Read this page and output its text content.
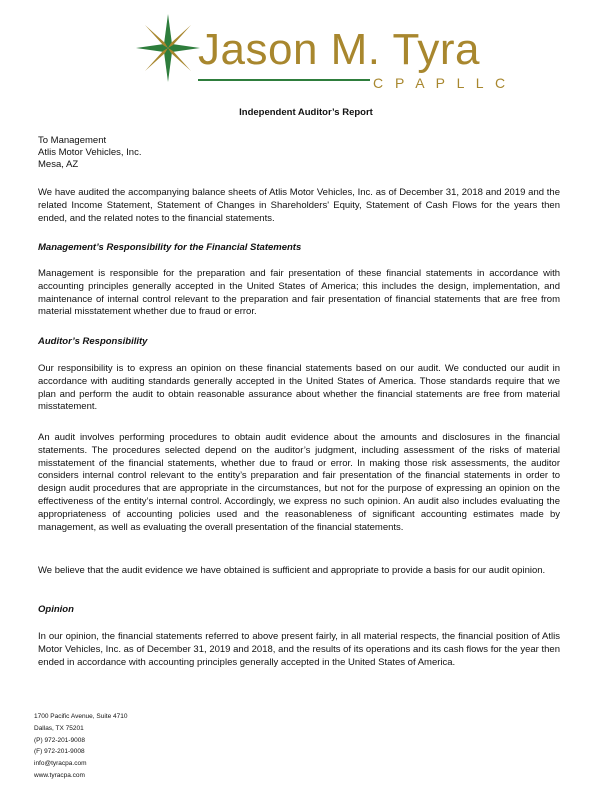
Jason M. Tyra
C P A P L L C
Independent Auditor’s Report
To Management
Atlis Motor Vehicles, Inc.
Mesa, AZ

We have audited the accompanying balance sheets of Atlis Motor Vehicles, Inc. as of December 31, 2018 and 2019 and the related Income Statement, Statement of Changes in Shareholders' Equity, Statement of Cash Flows for the years then ended, and the related notes to the financial statements.

Management’s Responsibility for the Financial Statements

Management is responsible for the preparation and fair presentation of these financial statements in accordance with accounting principles generally accepted in the United States of America; this includes the design, implementation, and maintenance of internal control relevant to the preparation and fair presentation of financial statements that are free from material misstatement whether due to fraud or error.

Auditor’s Responsibility

Our responsibility is to express an opinion on these financial statements based on our audit. We conducted our audit in accordance with auditing standards generally accepted in the United States of America. Those standards require that we plan and perform the audit to obtain reasonable assurance about whether the financial statements are free from material misstatement.

An audit involves performing procedures to obtain audit evidence about the amounts and disclosures in the financial statements. The procedures selected depend on the auditor’s judgment, including assessment of the risks of material misstatement of the financial statements, whether due to fraud or error. In making those risk assessments, the auditor considers internal control relevant to the entity’s preparation and fair presentation of the financial statements in order to design audit procedures that are appropriate in the circumstances, but not for the purpose of expressing an opinion on the effectiveness of the entity’s internal control. Accordingly, we express no such opinion. An audit also includes evaluating the appropriateness of accounting policies used and the reasonableness of significant accounting estimates made by management, as well as evaluating the overall presentation of the financial statements.

We believe that the audit evidence we have obtained is sufficient and appropriate to provide a basis for our audit opinion.

Opinion

In our opinion, the financial statements referred to above present fairly, in all material respects, the financial position of Atlis Motor Vehicles, Inc. as of December 31, 2019 and 2018, and the results of its operations and its cash flows for the year then ended in accordance with accounting principles generally accepted in the United States of America.

1700 Pacific Avenue, Suite 4710
Dallas, TX 75201
(P) 972-201-9008
(F) 972-201-9008
info@tyracpa.com
www.tyracpa.com
